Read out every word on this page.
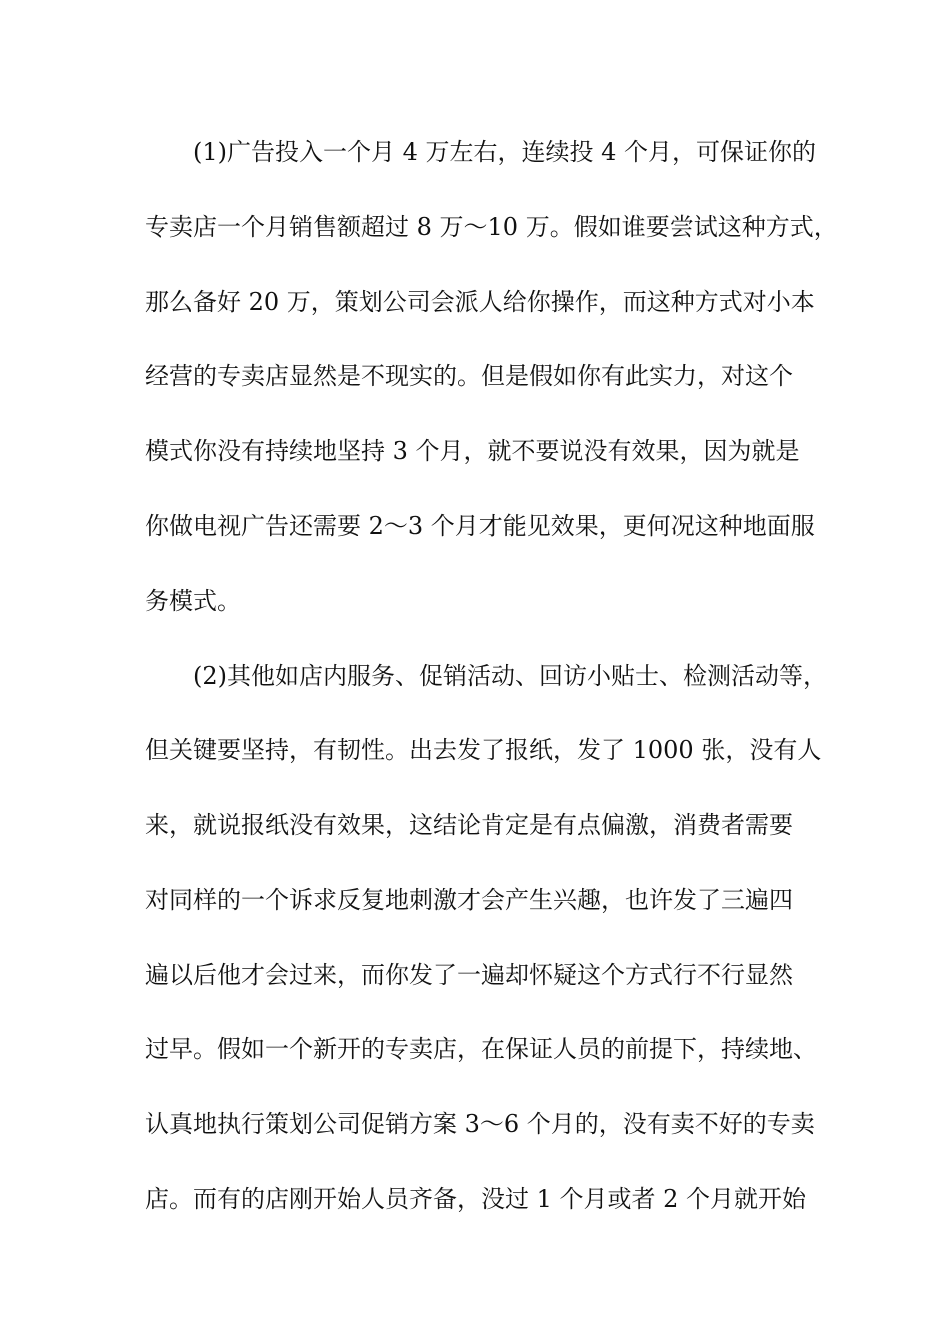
(1)广告投入一个月 4 万左右，连续投 4 个月，可保证你的
专卖店一个月销售额超过 8 万～10 万。假如谁要尝试这种方式，
那么备好 20 万，策划公司会派人给你操作，而这种方式对小本
经营的专卖店显然是不现实的。但是假如你有此实力，对这个
模式你没有持续地坚持 3 个月，就不要说没有效果，因为就是
你做电视广告还需要 2～3 个月才能见效果，更何况这种地面服
务模式。
(2)其他如店内服务、促销活动、回访小贴士、检测活动等，
但关键要坚持，有韧性。出去发了报纸，发了 1000 张，没有人
来，就说报纸没有效果，这结论肯定是有点偏激，消费者需要
对同样的一个诉求反复地刺激才会产生兴趣，也许发了三遍四
遍以后他才会过来，而你发了一遍却怀疑这个方式行不行显然
过早。假如一个新开的专卖店，在保证人员的前提下，持续地、
认真地执行策划公司促销方案 3～6 个月的，没有卖不好的专卖
店。而有的店刚开始人员齐备，没过 1 个月或者 2 个月就开始
